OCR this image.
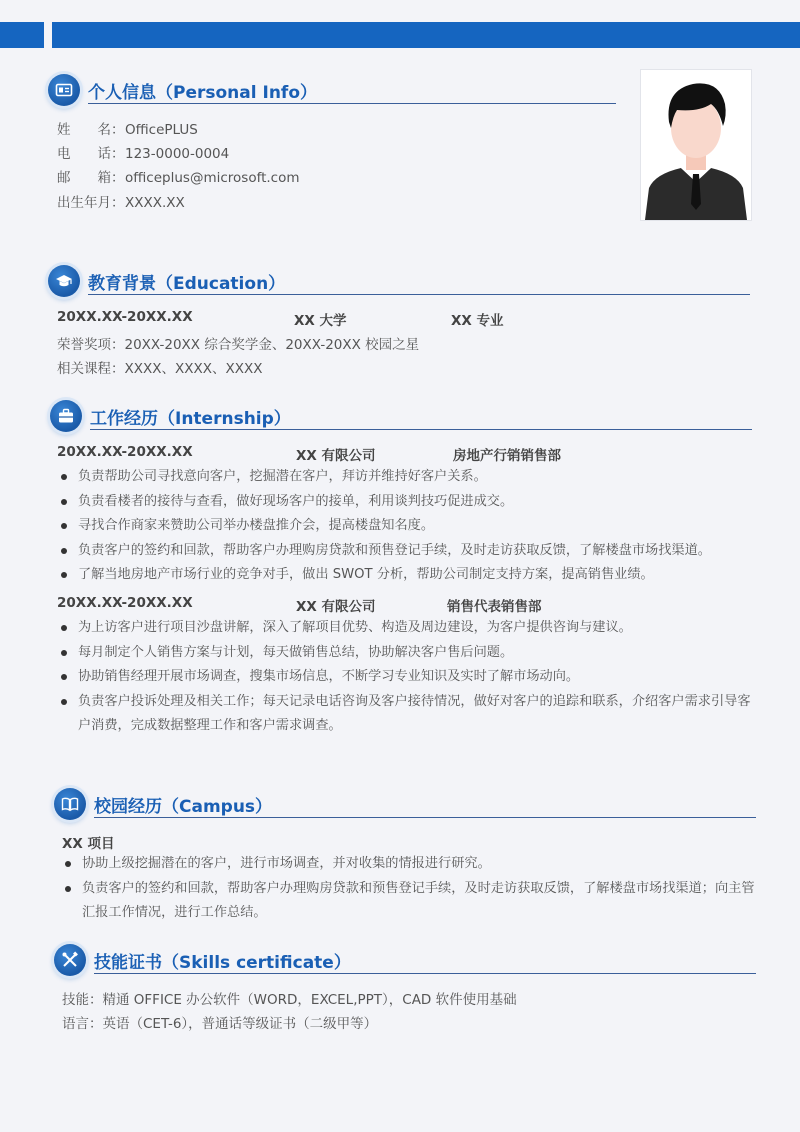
个人信息（Personal Info）
姓　　名：OfficePLUS
电　　话：123-0000-0004
邮　　箱：officeplus@microsoft.com
出生年月：XXXX.XX
教育背景（Education）
20XX.XX-20XX.XX	XX 大学	XX 专业
荣誉奖项：20XX-20XX 综合奖学金、20XX-20XX 校园之星
相关课程：XXXX、XXXX、XXXX
工作经历（Internship）
20XX.XX-20XX.XX	XX 有限公司	房地产行销销售部
负责帮助公司寻找意向客户，挖掘潜在客户，拜访并维持好客户关系。
负责看楼者的接待与查看，做好现场客户的接单，利用谈判技巧促进成交。
寻找合作商家来赞助公司举办楼盘推介会，提高楼盘知名度。
负责客户的签约和回款，帮助客户办理购房贷款和预售登记手续，及时走访获取反馈，了解楼盘市场找渠道。
了解当地房地产市场行业的竞争对手，做出 SWOT 分析，帮助公司制定支持方案，提高销售业绩。
20XX.XX-20XX.XX	XX 有限公司	销售代表销售部
为上访客户进行项目沙盘讲解，深入了解项目优势、构造及周边建设，为客户提供咨询与建议。
每月制定个人销售方案与计划，每天做销售总结，协助解决客户售后问题。
协助销售经理开展市场调查，搜集市场信息，不断学习专业知识及实时了解市场动向。
负责客户投诉处理及相关工作；每天记录电话咨询及客户接待情况，做好对客户的追踪和联系，介绍客户需求引导客户消费，完成数据整理工作和客户需求调查。
校园经历（Campus）
XX 项目
协助上级挖掘潜在的客户，进行市场调查，并对收集的情报进行研究。
负责客户的签约和回款，帮助客户办理购房贷款和预售登记手续，及时走访获取反馈，了解楼盘市场找渠道；向主管汇报工作情况，进行工作总结。
技能证书（Skills certificate）
技能：精通 OFFICE 办公软件（WORD，EXCEL,PPT），CAD 软件使用基础
语言：英语（CET-6），普通话等级证书（二级甲等）
